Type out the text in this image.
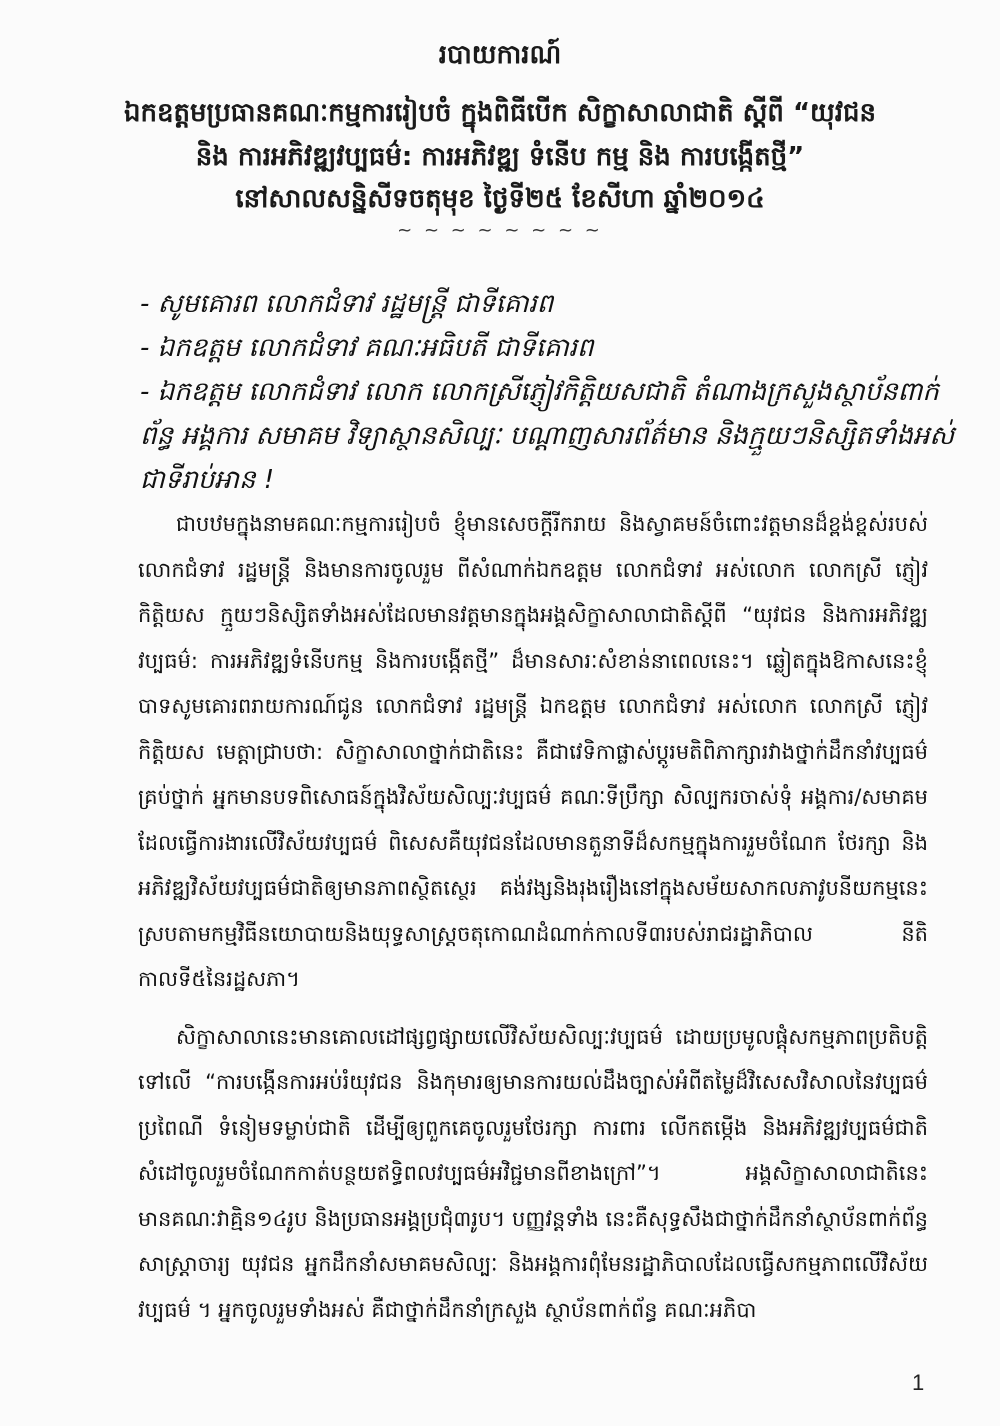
របាយការណ៍
ឯកឧត្តមប្រធានគណៈកម្មការរៀបចំ ក្នុងពិធីបើក សិក្ខាសាលាជាតិ ស្តីពី “យុវជន
និង ការអភិវឌ្ឍវប្បធម៌: ការអភិវឌ្ឍ ទំនើប កម្ម និង ការបង្កើតថ្មី”
នៅសាលសន្និសីទចតុមុខ ថ្ងៃទី២៥ ខែសីហា ឆ្នាំ២០១៤
~ ~ ~ ~ ~ ~ ~ ~

- សូមគោរព លោកជំទាវ រដ្ឋមន្ត្រី ជាទីគោរព

- ឯកឧត្តម លោកជំទាវ គណៈអធិបតី ជាទីគោរព

- ឯកឧត្តម លោកជំទាវ លោក លោកស្រីភ្ញៀវកិត្តិយសជាតិ តំណាងក្រសួងស្ថាប័នពាក់

ព័ន្ធ អង្គការ សមាគម វិទ្យាស្ថានសិល្បៈ បណ្ដាញសារព័ត៌មាន និងក្មួយៗនិស្សិតទាំងអស់

ជាទីរាប់អាន !

ជាបឋមក្នុងនាមគណៈកម្មការរៀបចំ ខ្ញុំមានសេចក្ដីរីករាយ និងស្វាគមន៍ចំពោះវត្តមានដ៏ខ្ពង់ខ្ពស់របស់លោកជំទាវ រដ្ឋមន្ត្រី និងមានការចូលរួម ពីសំណាក់ឯកឧត្តម លោកជំទាវ អស់លោក លោកស្រី ភ្ញៀវកិត្តិយស ក្មួយៗនិស្សិតទាំងអស់ដែលមានវត្តមានក្នុងអង្គសិក្ខាសាលាជាតិស្តីពី “យុវជន និងការអភិវឌ្ឍវប្បធម៌: ការអភិវឌ្ឍទំនើបកម្ម និងការបង្កើតថ្មី” ដ៏មានសារៈសំខាន់នាពេលនេះ។ ឆ្លៀតក្នុងឱកាសនេះខ្ញុំបាទសូមគោរពរាយការណ៍ជូន លោកជំទាវ រដ្ឋមន្ត្រី ឯកឧត្តម លោកជំទាវ អស់លោក លោកស្រី ភ្ញៀវកិត្តិយស មេត្តាជ្រាបថា: សិក្ខាសាលាថ្នាក់ជាតិនេះ គឺជាវេទិកាផ្លាស់ប្ដូរមតិពិភាក្សារវាងថ្នាក់ដឹកនាំវប្បធម៌គ្រប់ថ្នាក់ អ្នកមានបទពិសោធន៍ក្នុងវិស័យសិល្បៈវប្បធម៌ គណៈទីប្រឹក្សា សិល្បករចាស់ទុំ អង្គការ/សមាគម ដែលធ្វើការងារលើវិស័យវប្បធម៌ ពិសេសគឺយុវជនដែលមានតួនាទីដ៏សកម្មក្នុងការរួមចំណែក ថែរក្សា និងអភិវឌ្ឍវិស័យវប្បធម៌ជាតិឲ្យមានភាពស្ថិតស្ថេរ គង់វង្សនិងរុងរឿងនៅក្នុងសម័យសាកលភាវូបនីយកម្មនេះ ស្របតាមកម្មវិធីនយោបាយនិងយុទ្ធសាស្ត្រចតុកោណដំណាក់កាលទី៣របស់រាជរដ្ឋាភិបាល នីតិកាលទី៥នៃរដ្ឋសភា។

សិក្ខាសាលានេះមានគោលដៅផ្សព្វផ្សាយលើវិស័យសិល្បៈវប្បធម៌ ដោយប្រមូលផ្ដុំសកម្មភាពប្រតិបត្តិទៅលើ “ការបង្កើនការអប់រំយុវជន និងកុមារឲ្យមានការយល់ដឹងច្បាស់អំពីតម្លៃដ៏វិសេសវិសាលនៃវប្បធម៌ ប្រពៃណី ទំនៀមទម្លាប់ជាតិ ដើម្បីឲ្យពួកគេចូលរួមថែរក្សា ការពារ លើកតម្កើង និងអភិវឌ្ឍវប្បធម៌ជាតិ សំដៅចូលរួមចំណែកកាត់បន្ថយឥទ្ធិពលវប្បធម៌អវិជ្ជមានពីខាងក្រៅ”។ អង្គសិក្ខាសាលាជាតិនេះ មានគណៈវាគ្មិន១៤រូប និងប្រធានអង្គប្រជុំ៣រូប។ បញ្ញវន្តទាំង នេះគឺសុទ្ធសឹងជាថ្នាក់ដឹកនាំស្ថាប័នពាក់ព័ន្ធ សាស្ត្រាចារ្យ យុវជន អ្នកដឹកនាំសមាគមសិល្បៈ និងអង្គការពុំមែនរដ្ឋាភិបាលដែលធ្វើសកម្មភាពលើវិស័យវប្បធម៌ ។ អ្នកចូលរួមទាំងអស់ គឺជាថ្នាក់ដឹកនាំក្រសួង ស្ថាប័នពាក់ព័ន្ធ គណៈអភិបា

1
